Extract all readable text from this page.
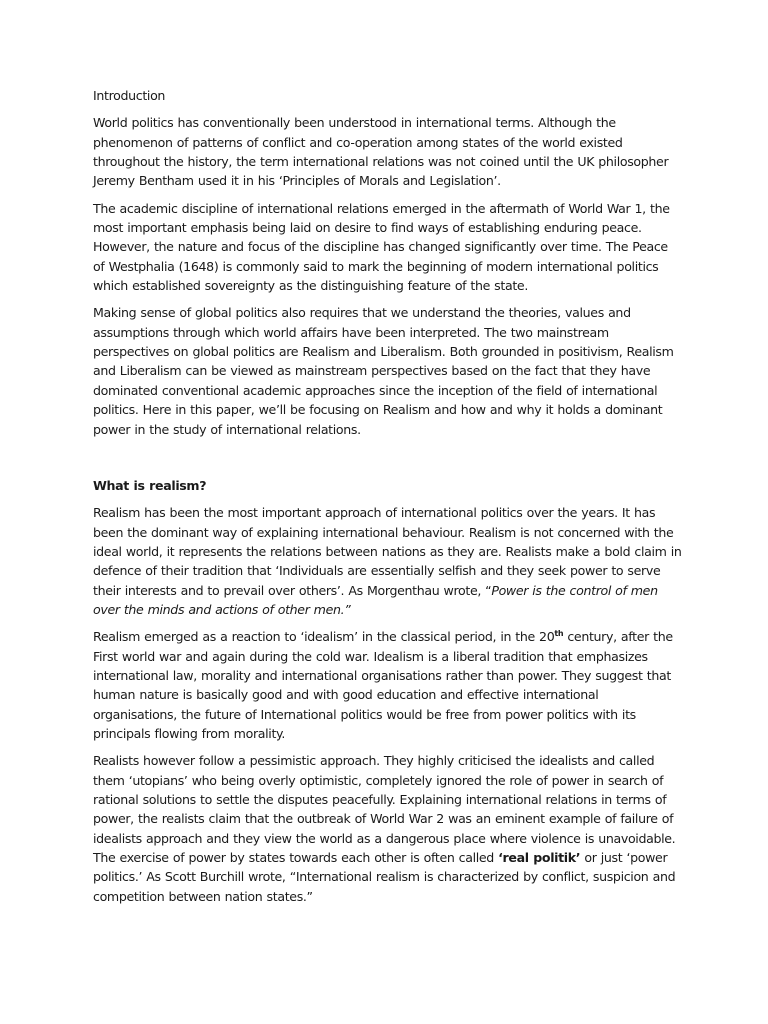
Introduction

World politics has conventionally been understood in international terms. Although the phenomenon of patterns of conflict and co-operation among states of the world existed throughout the history, the term international relations was not coined until the UK philosopher Jeremy Bentham used it in his ‘Principles of Morals and Legislation’.

The academic discipline of international relations emerged in the aftermath of World War 1, the most important emphasis being laid on desire to find ways of establishing enduring peace. However, the nature and focus of the discipline has changed significantly over time. The Peace of Westphalia (1648) is commonly said to mark the beginning of modern international politics which established sovereignty as the distinguishing feature of the state.

Making sense of global politics also requires that we understand the theories, values and assumptions through which world affairs have been interpreted. The two mainstream perspectives on global politics are Realism and Liberalism. Both grounded in positivism, Realism and Liberalism can be viewed as mainstream perspectives based on the fact that they have dominated conventional academic approaches since the inception of the field of international politics. Here in this paper, we’ll be focusing on Realism and how and why it holds a dominant power in the study of international relations.

What is realism?

Realism has been the most important approach of international politics over the years. It has been the dominant way of explaining international behaviour. Realism is not concerned with the ideal world, it represents the relations between nations as they are. Realists make a bold claim in defence of their tradition that ‘Individuals are essentially selfish and they seek power to serve their interests and to prevail over others’. As Morgenthau wrote, “Power is the control of men over the minds and actions of other men.”

Realism emerged as a reaction to ‘idealism’ in the classical period, in the 20th century, after the First world war and again during the cold war. Idealism is a liberal tradition that emphasizes international law, morality and international organisations rather than power. They suggest that human nature is basically good and with good education and effective international organisations, the future of International politics would be free from power politics with its principals flowing from morality.

Realists however follow a pessimistic approach. They highly criticised the idealists and called them ‘utopians’ who being overly optimistic, completely ignored the role of power in search of rational solutions to settle the disputes peacefully. Explaining international relations in terms of power, the realists claim that the outbreak of World War 2 was an eminent example of failure of idealists approach and they view the world as a dangerous place where violence is unavoidable. The exercise of power by states towards each other is often called ‘real politik’ or just ‘power politics.’ As Scott Burchill wrote, “International realism is characterized by conflict, suspicion and competition between nation states.”
